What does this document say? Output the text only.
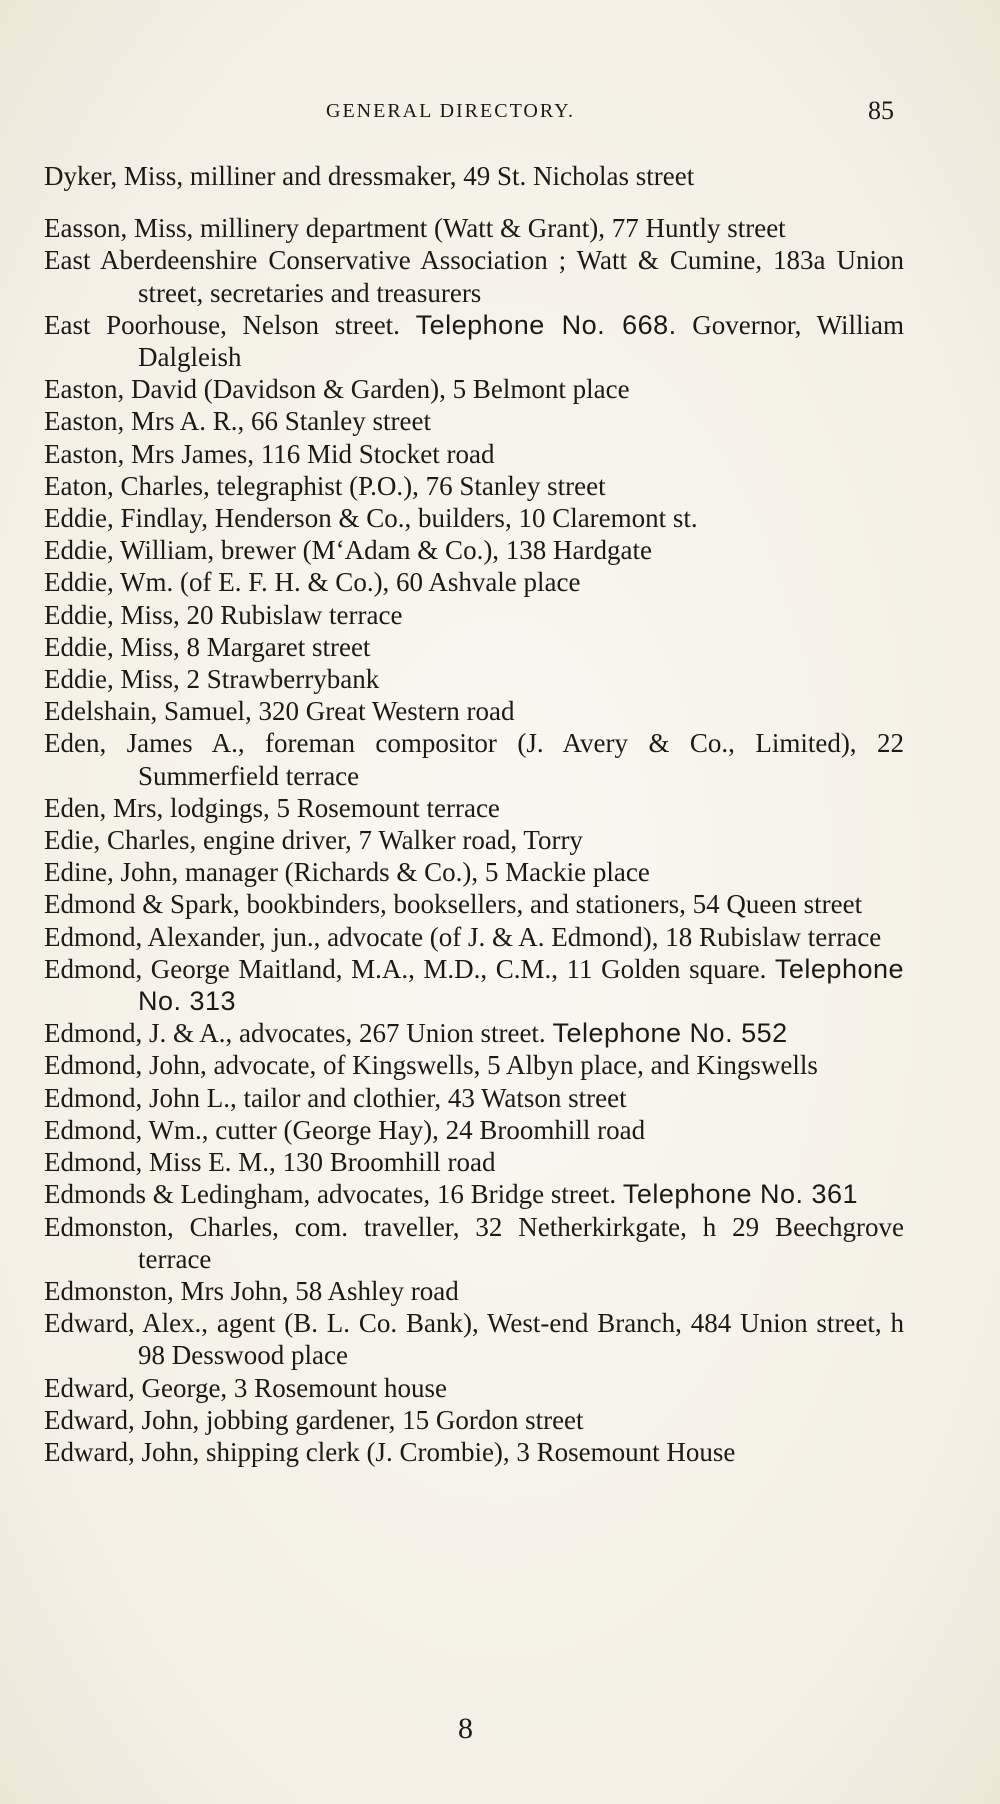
GENERAL DIRECTORY.	85
Dyker, Miss, milliner and dressmaker, 49 St. Nicholas street
Easson, Miss, millinery department (Watt & Grant), 77 Huntly street
East Aberdeenshire Conservative Association ; Watt & Cumine, 183a Union street, secretaries and treasurers
East Poorhouse, Nelson street. Telephone No. 668. Governor, William Dalgleish
Easton, David (Davidson & Garden), 5 Belmont place
Easton, Mrs A. R., 66 Stanley street
Easton, Mrs James, 116 Mid Stocket road
Eaton, Charles, telegraphist (P.O.), 76 Stanley street
Eddie, Findlay, Henderson & Co., builders, 10 Claremont st.
Eddie, William, brewer (M‘Adam & Co.), 138 Hardgate
Eddie, Wm. (of E. F. H. & Co.), 60 Ashvale place
Eddie, Miss, 20 Rubislaw terrace
Eddie, Miss, 8 Margaret street
Eddie, Miss, 2 Strawberrybank
Edelshain, Samuel, 320 Great Western road
Eden, James A., foreman compositor (J. Avery & Co., Limited), 22 Summerfield terrace
Eden, Mrs, lodgings, 5 Rosemount terrace
Edie, Charles, engine driver, 7 Walker road, Torry
Edine, John, manager (Richards & Co.), 5 Mackie place
Edmond & Spark, bookbinders, booksellers, and stationers, 54 Queen street
Edmond, Alexander, jun., advocate (of J. & A. Edmond), 18 Rubislaw terrace
Edmond, George Maitland, M.A., M.D., C.M., 11 Golden square. Telephone No. 313
Edmond, J. & A., advocates, 267 Union street. Telephone No. 552
Edmond, John, advocate, of Kingswells, 5 Albyn place, and Kingswells
Edmond, John L., tailor and clothier, 43 Watson street
Edmond, Wm., cutter (George Hay), 24 Broomhill road
Edmond, Miss E. M., 130 Broomhill road
Edmonds & Ledingham, advocates, 16 Bridge street. Telephone No. 361
Edmonston, Charles, com. traveller, 32 Netherkirkgate, h 29 Beechgrove terrace
Edmonston, Mrs John, 58 Ashley road
Edward, Alex., agent (B. L. Co. Bank), West-end Branch, 484 Union street, h 98 Desswood place
Edward, George, 3 Rosemount house
Edward, John, jobbing gardener, 15 Gordon street
Edward, John, shipping clerk (J. Crombie), 3 Rosemount House
8
